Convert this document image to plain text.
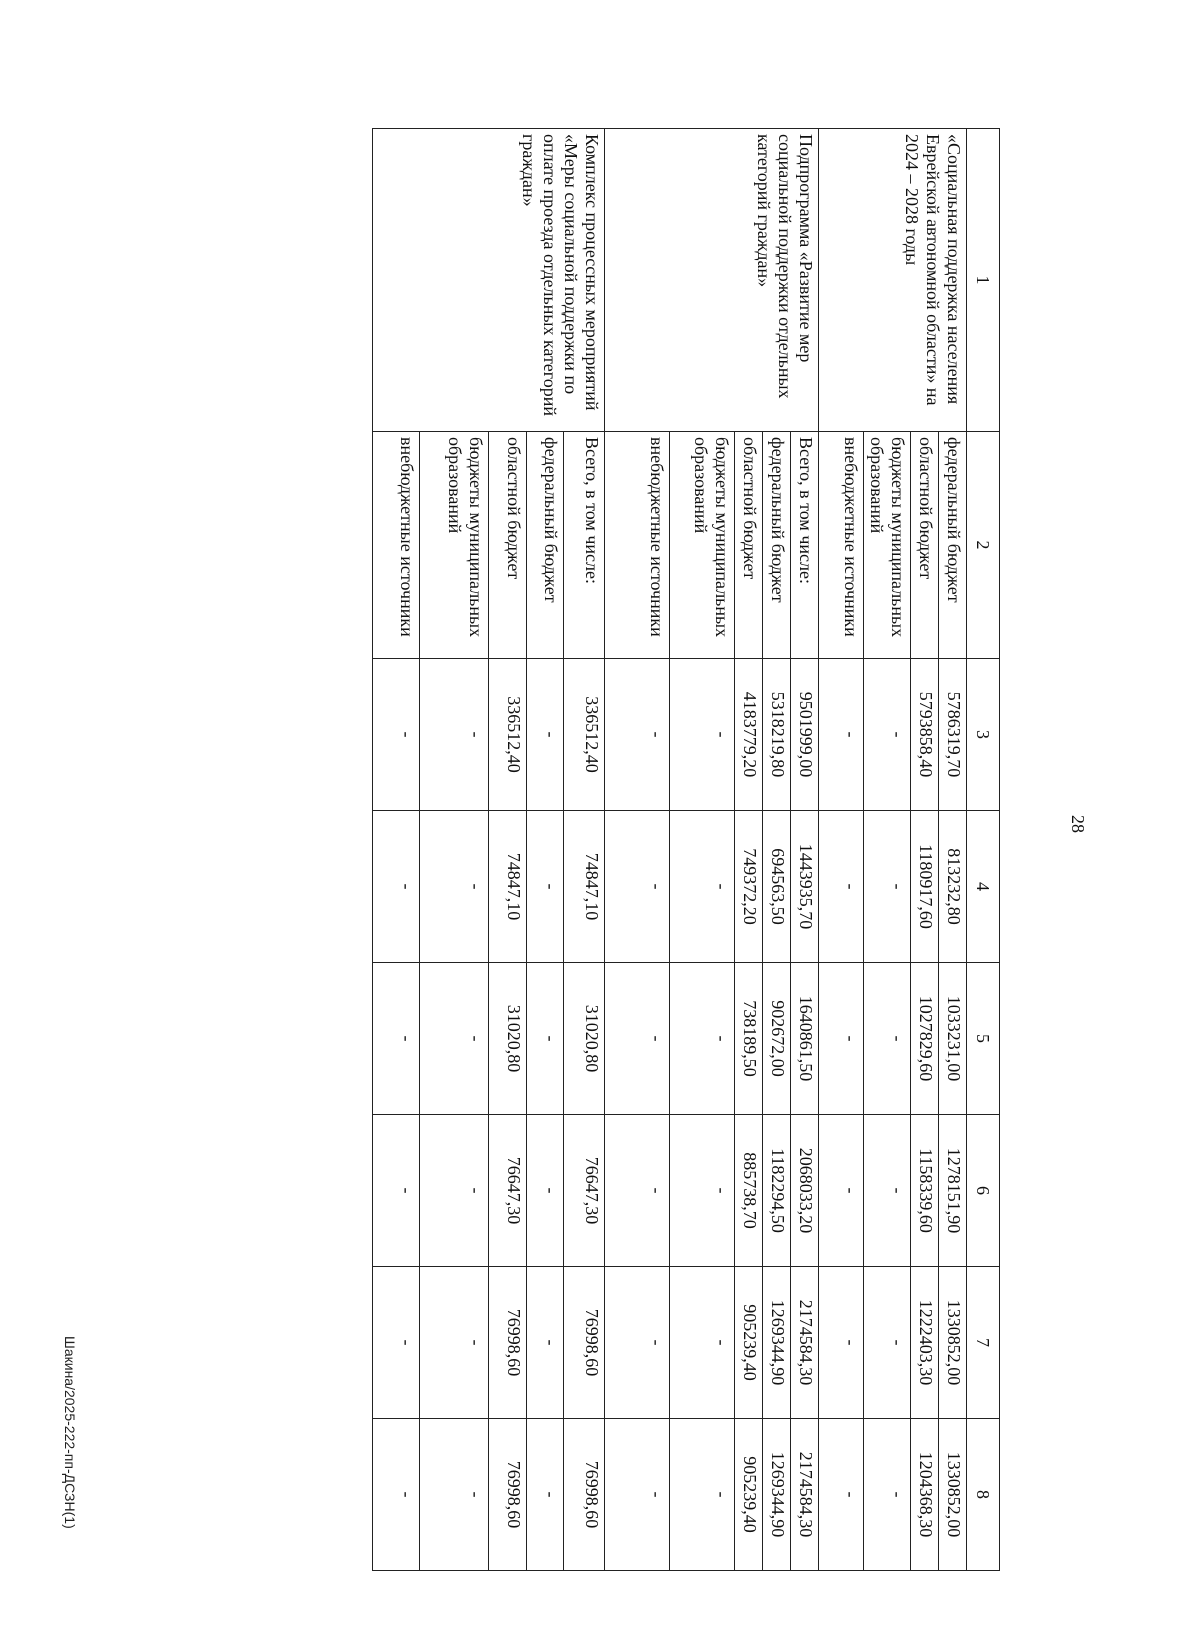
28
1	2	3	4	5	6	7	8
«Социальная поддержка населения Еврейской автономной области» на 2024 – 2028 годы	федеральный бюджет	5786319,70	813232,80	1033231,00	1278151,90	1330852,00	1330852,00
	областной бюджет	5793858,40	1180917,60	1027829,60	1158339,60	1222403,30	1204368,30
	бюджеты муниципальных образований	-	-	-	-	-	-
	внебюджетные источники	-	-	-	-	-	-
Подпрограмма «Развитие мер социальной поддержки отдельных категорий граждан»	Всего, в том числе:	9501999,00	1443935,70	1640861,50	2068033,20	2174584,30	2174584,30
	федеральный бюджет	5318219,80	694563,50	902672,00	1182294,50	1269344,90	1269344,90
	областной бюджет	4183779,20	749372,20	738189,50	885738,70	905239,40	905239,40
	бюджеты муниципальных образований	-	-	-	-	-	-
	внебюджетные источники	-	-	-	-	-	-
Комплекс процессных мероприятий «Меры социальной поддержки по оплате проезда отдельных категорий граждан»	Всего, в том числе:	336512,40	74847,10	31020,80	76647,30	76998,60	76998,60
	федеральный бюджет	-	-	-	-	-	-
	областной бюджет	336512,40	74847,10	31020,80	76647,30	76998,60	76998,60
	бюджеты муниципальных образований	-	-	-	-	-	-
	внебюджетные источники	-	-	-	-	-	-
Шакина/2025-222-пп-ДСЗН(1)
